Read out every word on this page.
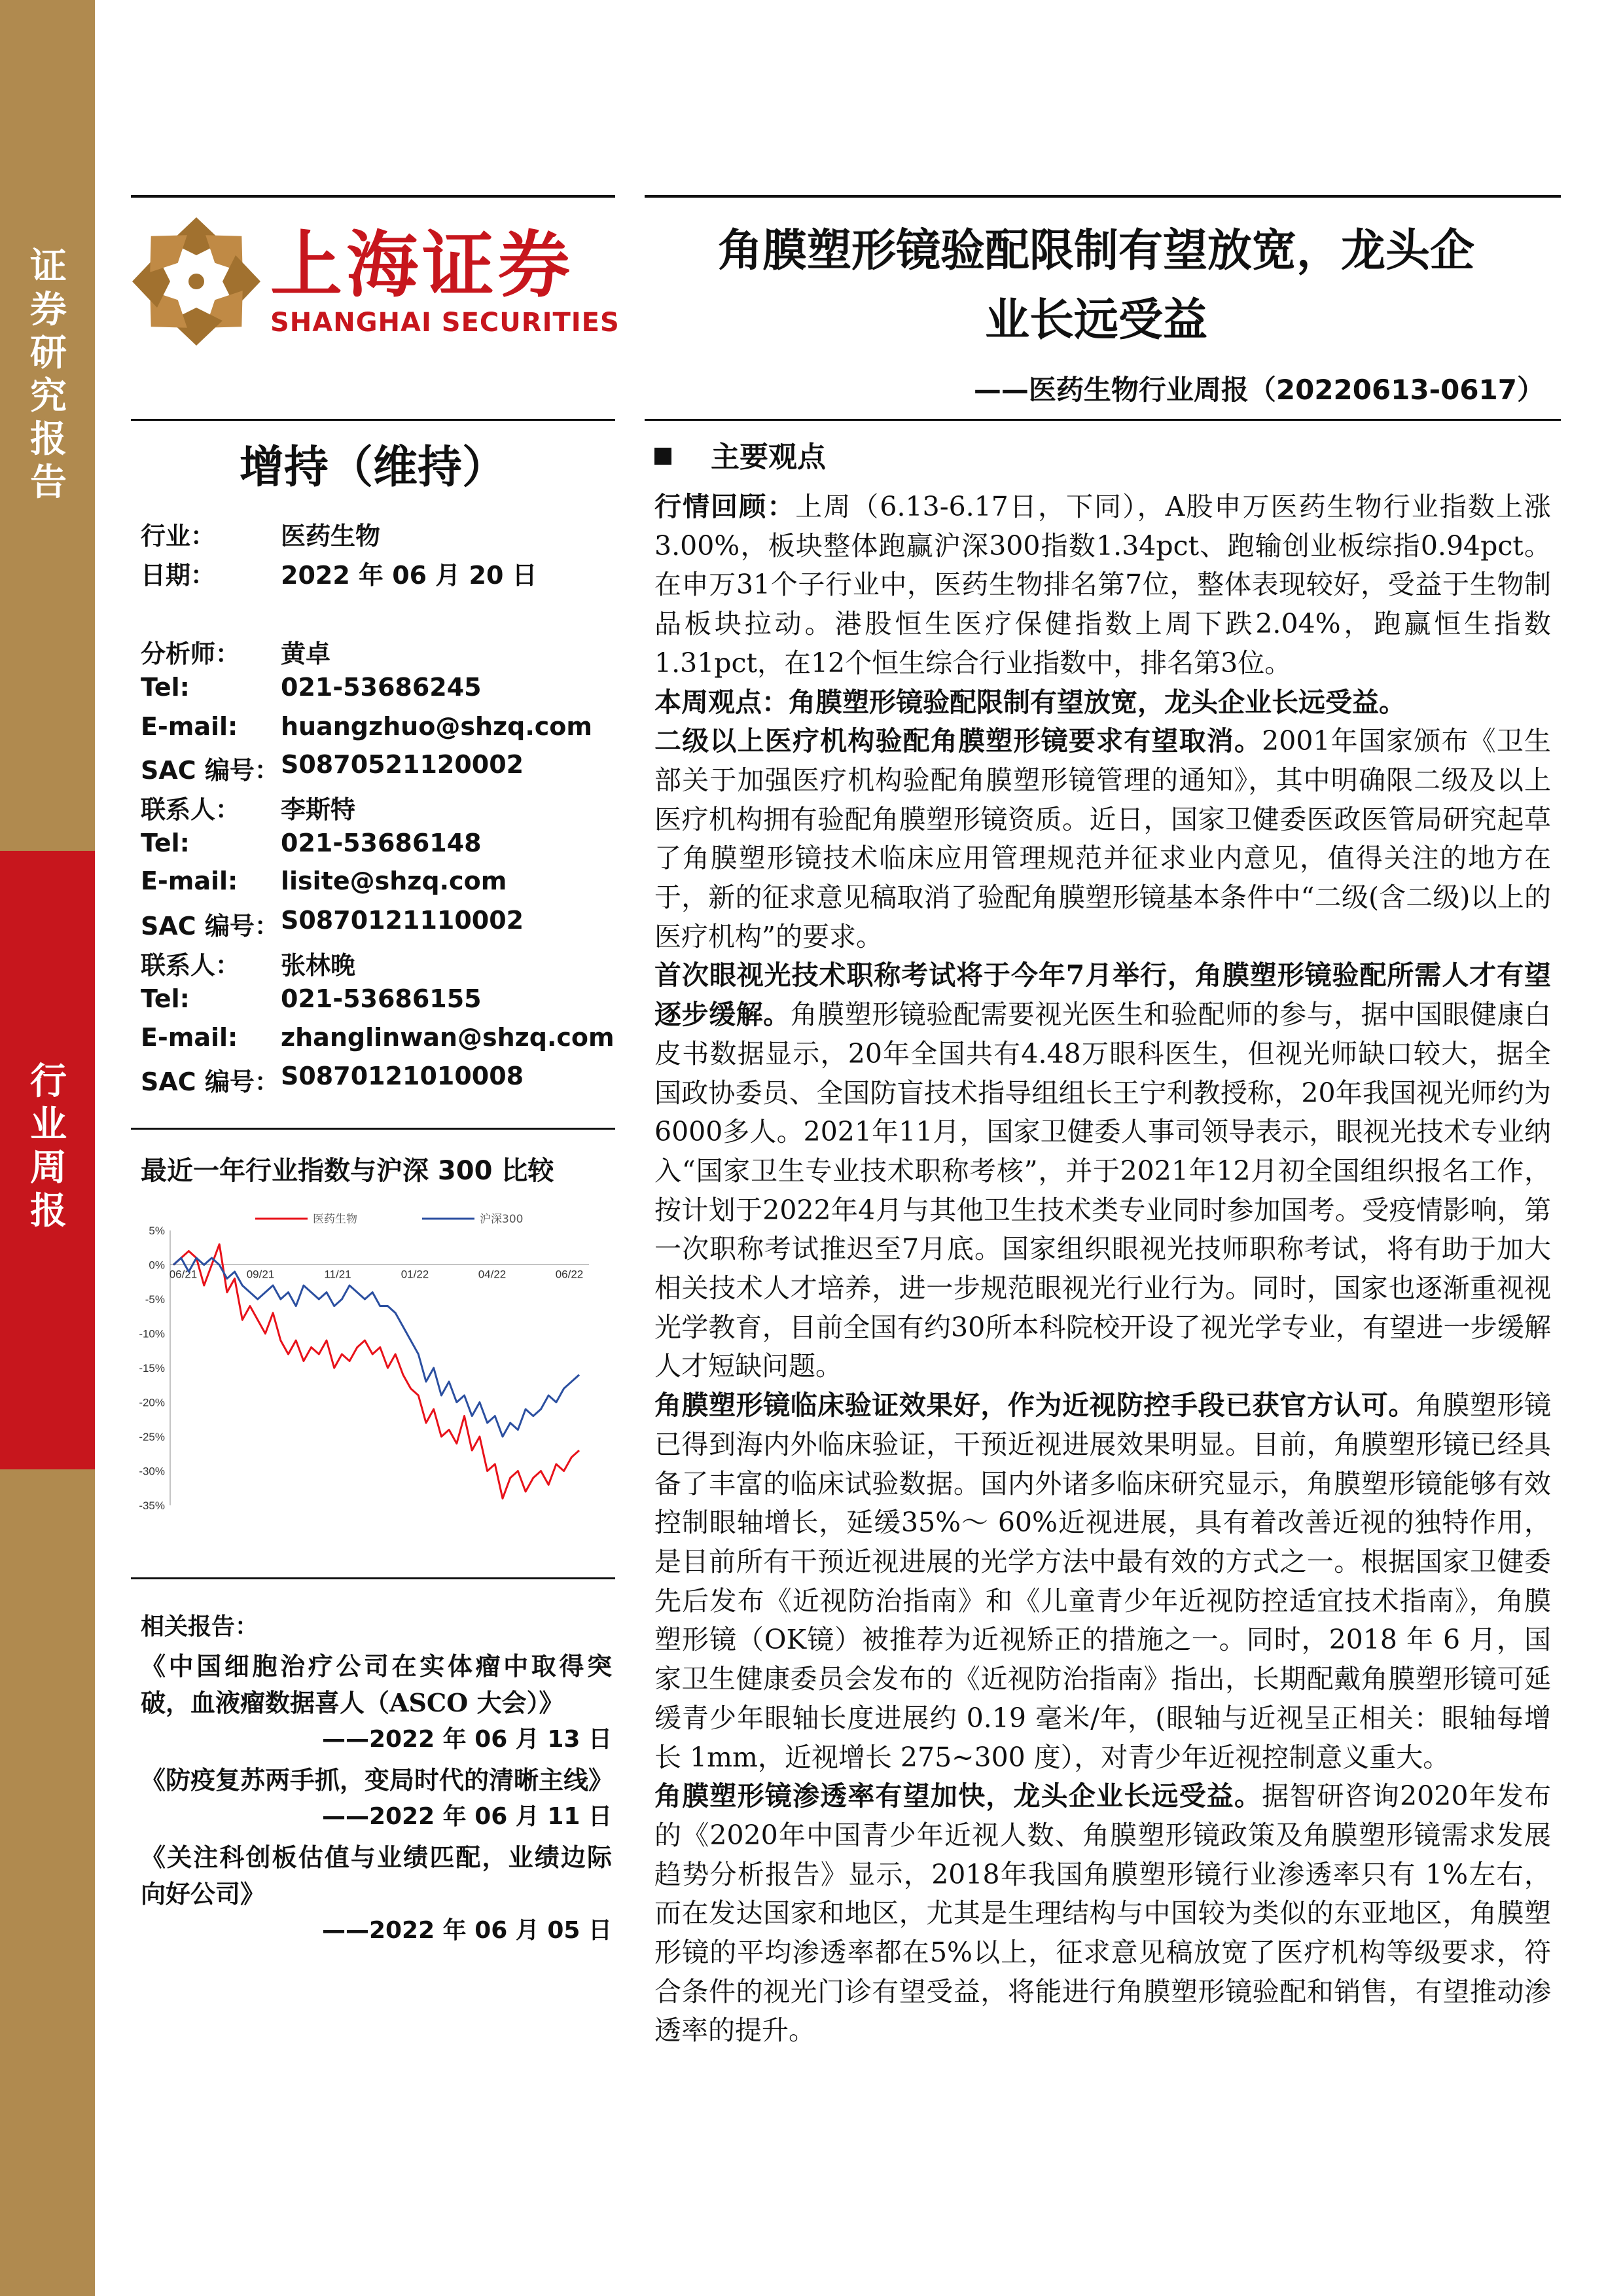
证
券
研
究
报
告
行
业
周
报
上海证券
SHANGHAI SECURITIES
角膜塑形镜验配限制有望放宽，龙头企
业长远受益
——医药生物行业周报（20220613-0617）
增持（维持）
行业：	医药生物
日期：	2022 年 06 月 20 日
分析师： 黄卓
Tel:	021-53686245
E-mail: huangzhuo@shzq.com
SAC 编号： S0870521120002
联系人： 李斯特
Tel:	021-53686148
E-mail: lisite@shzq.com
SAC 编号： S0870121110002
联系人： 张林晚
Tel:	021-53686155
E-mail: zhanglinwan@shzq.com
SAC 编号： S0870121010008
最近一年行业指数与沪深 300 比较
5%
0%
-5%
-10%
-15%
-20%
-25%
-30%
-35%
06/21	09/21	11/21	01/22	04/22	06/22
医药生物	沪深300
相关报告：
《中国细胞治疗公司在实体瘤中取得突破，血液瘤数据喜人（ASCO 大会）》
——2022 年 06 月 13 日
《防疫复苏两手抓，变局时代的清晰主线》
——2022 年 06 月 11 日
《关注科创板估值与业绩匹配，业绩边际向好公司》
——2022 年 06 月 05 日
主要观点

行情回顾：上周（6.13-6.17日，下同），A股申万医药生物行业指数上涨3.00%，板块整体跑赢沪深300指数1.34pct、跑输创业板综指0.94pct。在申万31个子行业中，医药生物排名第7位，整体表现较好，受益于生物制品板块拉动。港股恒生医疗保健指数上周下跌2.04%，跑赢恒生指数1.31pct，在12个恒生综合行业指数中，排名第3位。

本周观点：角膜塑形镜验配限制有望放宽，龙头企业长远受益。

二级以上医疗机构验配角膜塑形镜要求有望取消。2001年国家颁布《卫生部关于加强医疗机构验配角膜塑形镜管理的通知》，其中明确限二级及以上医疗机构拥有验配角膜塑形镜资质。近日，国家卫健委医政医管局研究起草了角膜塑形镜技术临床应用管理规范并征求业内意见，值得关注的地方在于，新的征求意见稿取消了验配角膜塑形镜基本条件中“二级(含二级)以上的医疗机构”的要求。

首次眼视光技术职称考试将于今年7月举行，角膜塑形镜验配所需人才有望逐步缓解。角膜塑形镜验配需要视光医生和验配师的参与，据中国眼健康白皮书数据显示，20年全国共有4.48万眼科医生，但视光师缺口较大，据全国政协委员、全国防盲技术指导组组长王宁利教授称，20年我国视光师约为 6000多人。2021年11月，国家卫健委人事司领导表示，眼视光技术专业纳入“国家卫生专业技术职称考核”，并于2021年12月初全国组织报名工作，按计划于2022年4月与其他卫生技术类专业同时参加国考。受疫情影响，第一次职称考试推迟至7月底。国家组织眼视光技师职称考试，将有助于加大相关技术人才培养，进一步规范眼视光行业行为。同时，国家也逐渐重视视光学教育，目前全国有约30所本科院校开设了视光学专业，有望进一步缓解人才短缺问题。

角膜塑形镜临床验证效果好，作为近视防控手段已获官方认可。角膜塑形镜已得到海内外临床验证，干预近视进展效果明显。目前，角膜塑形镜已经具备了丰富的临床试验数据。国内外诸多临床研究显示，角膜塑形镜能够有效控制眼轴增长，延缓35%～ 60%近视进展，具有着改善近视的独特作用，是目前所有干预近视进展的光学方法中最有效的方式之一。根据国家卫健委先后发布《近视防治指南》和《儿童青少年近视防控适宜技术指南》，角膜塑形镜（OK镜）被推荐为近视矫正的措施之一。同时，2018 年 6 月，国家卫生健康委员会发布的《近视防治指南》指出，长期配戴角膜塑形镜可延缓青少年眼轴长度进展约 0.19 毫米/年，(眼轴与近视呈正相关：眼轴每增长 1mm，近视增长 275~300 度），对青少年近视控制意义重大。

角膜塑形镜渗透率有望加快，龙头企业长远受益。据智研咨询2020年发布的《2020年中国青少年近视人数、角膜塑形镜政策及角膜塑形镜需求发展趋势分析报告》显示，2018年我国角膜塑形镜行业渗透率只有 1%左右，而在发达国家和地区，尤其是生理结构与中国较为类似的东亚地区，角膜塑形镜的平均渗透率都在5%以上，征求意见稿放宽了医疗机构等级要求，符合条件的视光门诊有望受益，将能进行角膜塑形镜验配和销售，有望推动渗透率的提升。
